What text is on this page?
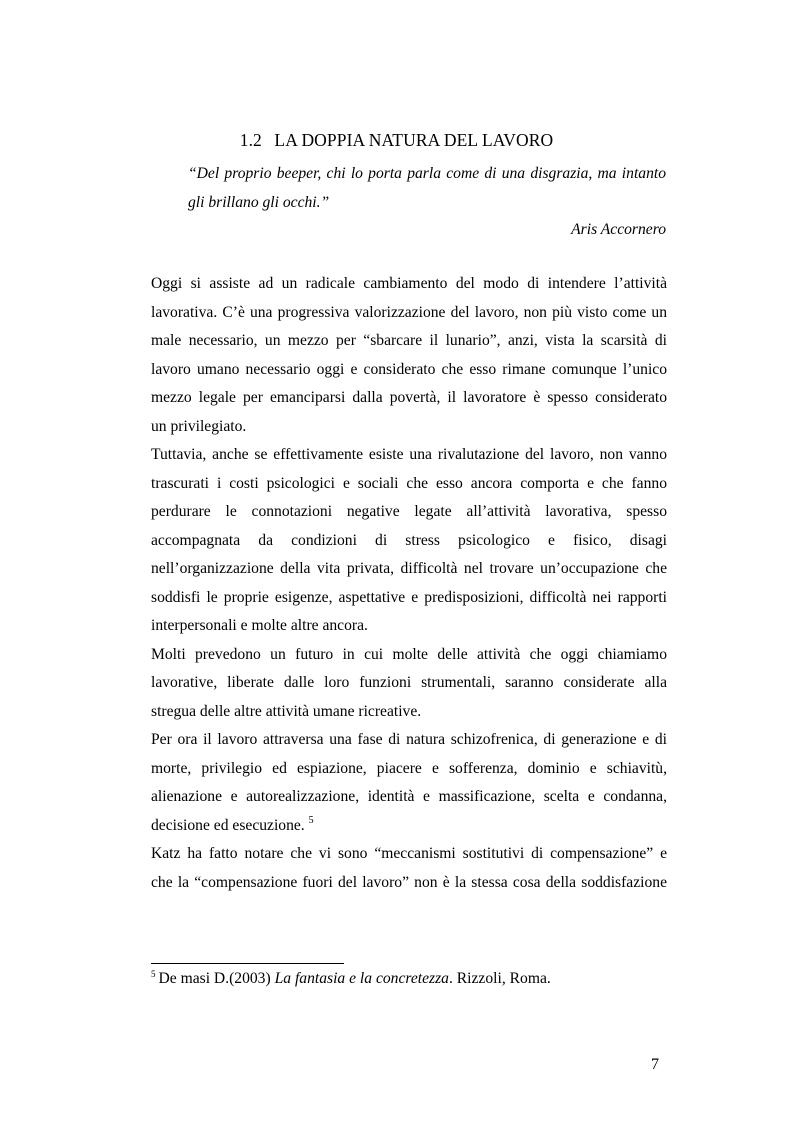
1.2 LA DOPPIA NATURA DEL LAVORO
“Del proprio beeper, chi lo porta parla come di una disgrazia, ma intanto
gli brillano gli occhi.”
Aris Accornero
Oggi si assiste ad un radicale cambiamento del modo di intendere l’attività
lavorativa. C’è una progressiva valorizzazione del lavoro, non più visto come un
male necessario, un mezzo per “sbarcare il lunario”, anzi, vista la scarsità di
lavoro umano necessario oggi e considerato che esso rimane comunque l’unico
mezzo legale per emanciparsi dalla povertà, il lavoratore è spesso considerato
un privilegiato.
Tuttavia, anche se effettivamente esiste una rivalutazione del lavoro, non vanno
trascurati i costi psicologici e sociali che esso ancora comporta e che fanno
perdurare le connotazioni negative legate all’attività lavorativa, spesso
accompagnata da condizioni di stress psicologico e fisico, disagi
nell’organizzazione della vita privata, difficoltà nel trovare un’occupazione che
soddisfi le proprie esigenze, aspettative e predisposizioni, difficoltà nei rapporti
interpersonali e molte altre ancora.
Molti prevedono un futuro in cui molte delle attività che oggi chiamiamo
lavorative, liberate dalle loro funzioni strumentali, saranno considerate alla
stregua delle altre attività umane ricreative.
Per ora il lavoro attraversa una fase di natura schizofrenica, di generazione e di
morte, privilegio ed espiazione, piacere e sofferenza, dominio e schiavitù,
alienazione e autorealizzazione, identità e massificazione, scelta e condanna,
decisione ed esecuzione. $^5$
Katz ha fatto notare che vi sono “meccanismi sostitutivi di compensazione” e
che la “compensazione fuori del lavoro” non è la stessa cosa della soddisfazione
$^5$ De masi D.(2003) La fantasia e la concretezza. Rizzoli, Roma.
7
